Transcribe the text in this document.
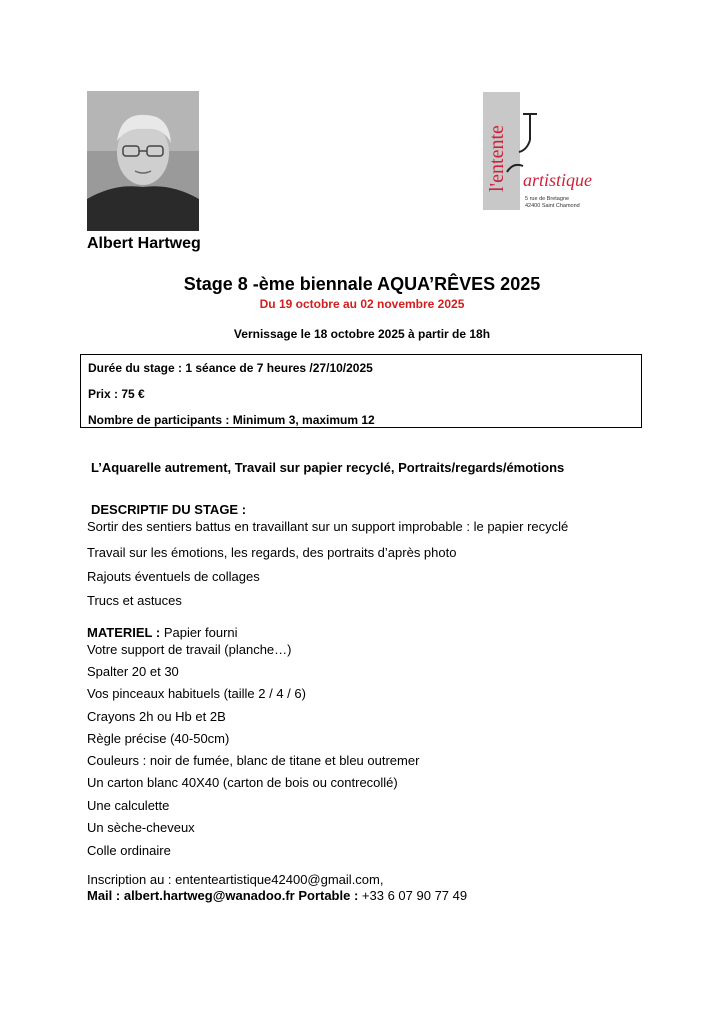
Albert Hartweg
l'entente artistique
5 rue de Bretagne
42400 Saint Chamond
Stage 8 -ème biennale AQUA’RÊVES 2025
Du 19 octobre au 02 novembre 2025
Vernissage le 18 octobre 2025 à partir de 18h
Durée du stage : 1 séance de 7 heures /27/10/2025
Prix : 75 €
Nombre de participants : Minimum 3, maximum 12
L’Aquarelle autrement, Travail sur papier recyclé, Portraits/regards/émotions
DESCRIPTIF DU STAGE :
Sortir des sentiers battus en travaillant sur un support improbable : le papier recyclé
Travail sur les émotions, les regards, des portraits d’après photo
Rajouts éventuels de collages
Trucs et astuces
MATERIEL : Papier fourni
Votre support de travail (planche…)
Spalter 20 et 30
Vos pinceaux habituels (taille 2 / 4 / 6)
Crayons 2h ou Hb et 2B
Règle précise (40-50cm)
Couleurs : noir de fumée, blanc de titane et bleu outremer
Un carton blanc 40X40 (carton de bois ou contrecollé)
Une calculette
Un sèche-cheveux
Colle ordinaire
Inscription au : ententeartistique42400@gmail.com,
Mail : albert.hartweg@wanadoo.fr Portable : +33 6 07 90 77 49
